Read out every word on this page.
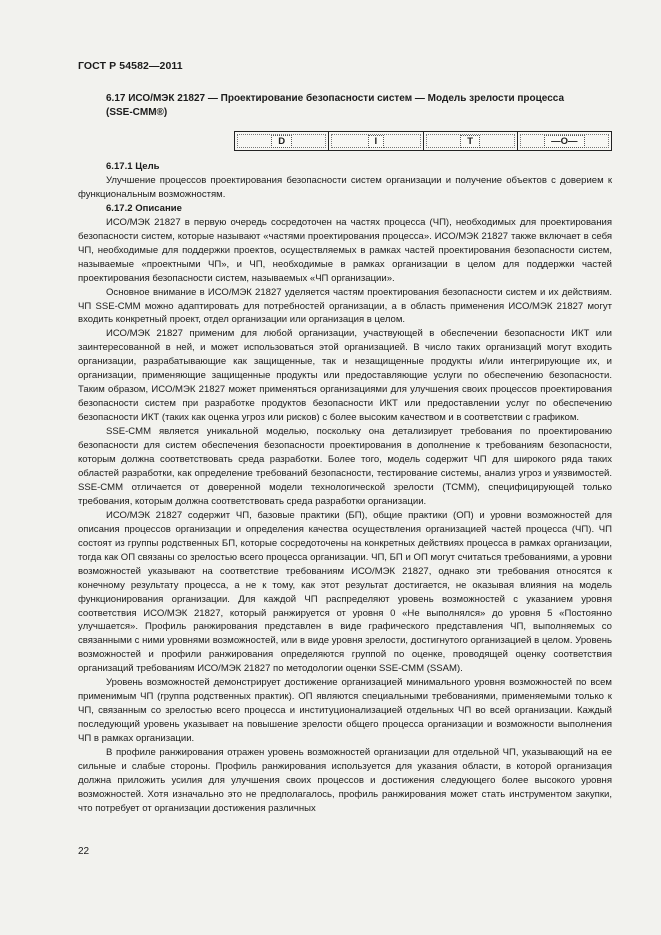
ГОСТ Р 54582—2011
6.17 ИСО/МЭК 21827 — Проектирование безопасности систем — Модель зрелости процесса (SSE-CMM®)
D	I	T	—O—
6.17.1 Цель

Улучшение процессов проектирования безопасности систем организации и получение объектов с доверием к функциональным возможностям.

6.17.2 Описание

ИСО/МЭК 21827 в первую очередь сосредоточен на частях процесса (ЧП), необходимых для проектирования безопасности систем, которые называют «частями проектирования процесса». ИСО/МЭК 21827 также включает в себя ЧП, необходимые для поддержки проектов, осуществляемых в рамках частей проектирования безопасности систем, называемые «проектными ЧП», и ЧП, необходимые в рамках организации в целом для поддержки частей проектирования безопасности систем, называемых «ЧП организации».

Основное внимание в ИСО/МЭК 21827 уделяется частям проектирования безопасности систем и их действиям. ЧП SSE-CMM можно адаптировать для потребностей организации, а в область применения ИСО/МЭК 21827 могут входить конкретный проект, отдел организации или организация в целом.

ИСО/МЭК 21827 применим для любой организации, участвующей в обеспечении безопасности ИКТ или заинтересованной в ней, и может использоваться этой организацией. В число таких организаций могут входить организации, разрабатывающие как защищенные, так и незащищенные продукты и/или интегрирующие их, и организации, применяющие защищенные продукты или предоставляющие услуги по обеспечению безопасности. Таким образом, ИСО/МЭК 21827 может применяться организациями для улучшения своих процессов проектирования безопасности систем при разработке продуктов безопасности ИКТ или предоставлении услуг по обеспечению безопасности ИКТ (таких как оценка угроз или рисков) с более высоким качеством и в соответствии с графиком.

SSE-CMM является уникальной моделью, поскольку она детализирует требования по проектированию безопасности для систем обеспечения безопасности проектирования в дополнение к требованиям безопасности, которым должна соответствовать среда разработки. Более того, модель содержит ЧП для широкого ряда таких областей разработки, как определение требований безопасности, тестирование системы, анализ угроз и уязвимостей. SSE-CMM отличается от доверенной модели технологической зрелости (TCMM), специфицирующей только требования, которым должна соответствовать среда разработки организации.

ИСО/МЭК 21827 содержит ЧП, базовые практики (БП), общие практики (ОП) и уровни возможностей для описания процессов организации и определения качества осуществления организацией частей процесса (ЧП). ЧП состоят из группы родственных БП, которые сосредоточены на конкретных действиях процесса в рамках организации, тогда как ОП связаны со зрелостью всего процесса организации. ЧП, БП и ОП могут считаться требованиями, а уровни возможностей указывают на соответствие требованиям ИСО/МЭК 21827, однако эти требования относятся к конечному результату процесса, а не к тому, как этот результат достигается, не оказывая влияния на модель функционирования организации. Для каждой ЧП распределяют уровень возможностей с указанием уровня соответствия ИСО/МЭК 21827, который ранжируется от уровня 0 «Не выполнялся» до уровня 5 «Постоянно улучшается». Профиль ранжирования представлен в виде графического представления ЧП, выполняемых со связанными с ними уровнями возможностей, или в виде уровня зрелости, достигнутого организацией в целом. Уровень возможностей и профили ранжирования определяются группой по оценке, проводящей оценку соответствия организаций требованиям ИСО/МЭК 21827 по методологии оценки SSE-CMM (SSAM).

Уровень возможностей демонстрирует достижение организацией минимального уровня возможностей по всем применимым ЧП (группа родственных практик). ОП являются специальными требованиями, применяемыми только к ЧП, связанным со зрелостью всего процесса и институционализацией отдельных ЧП во всей организации. Каждый последующий уровень указывает на повышение зрелости общего процесса организации и возможности выполнения ЧП в рамках организации.

В профиле ранжирования отражен уровень возможностей организации для отдельной ЧП, указывающий на ее сильные и слабые стороны. Профиль ранжирования используется для указания области, в которой организация должна приложить усилия для улучшения своих процессов и достижения следующего более высокого уровня возможностей. Хотя изначально это не предполагалось, профиль ранжирования может стать инструментом закупки, что потребует от организации достижения различных

22
